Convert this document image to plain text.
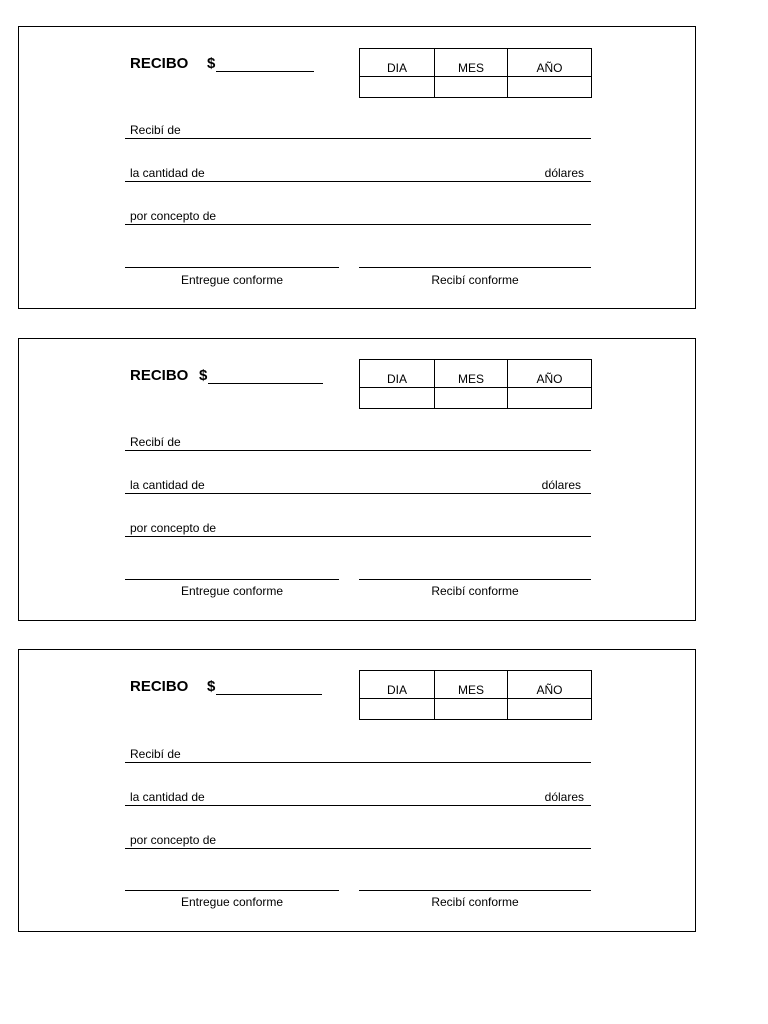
RECIBO $	DIA	MES	AÑO

Recibí de
la cantidad de	dólares
por concepto de
Entregue conforme	Recibí conforme
RECIBO $	DIA	MES	AÑO

Recibí de
la cantidad de	dólares
por concepto de
Entregue conforme	Recibí conforme
RECIBO $	DIA	MES	AÑO

Recibí de
la cantidad de	dólares
por concepto de
Entregue conforme	Recibí conforme
